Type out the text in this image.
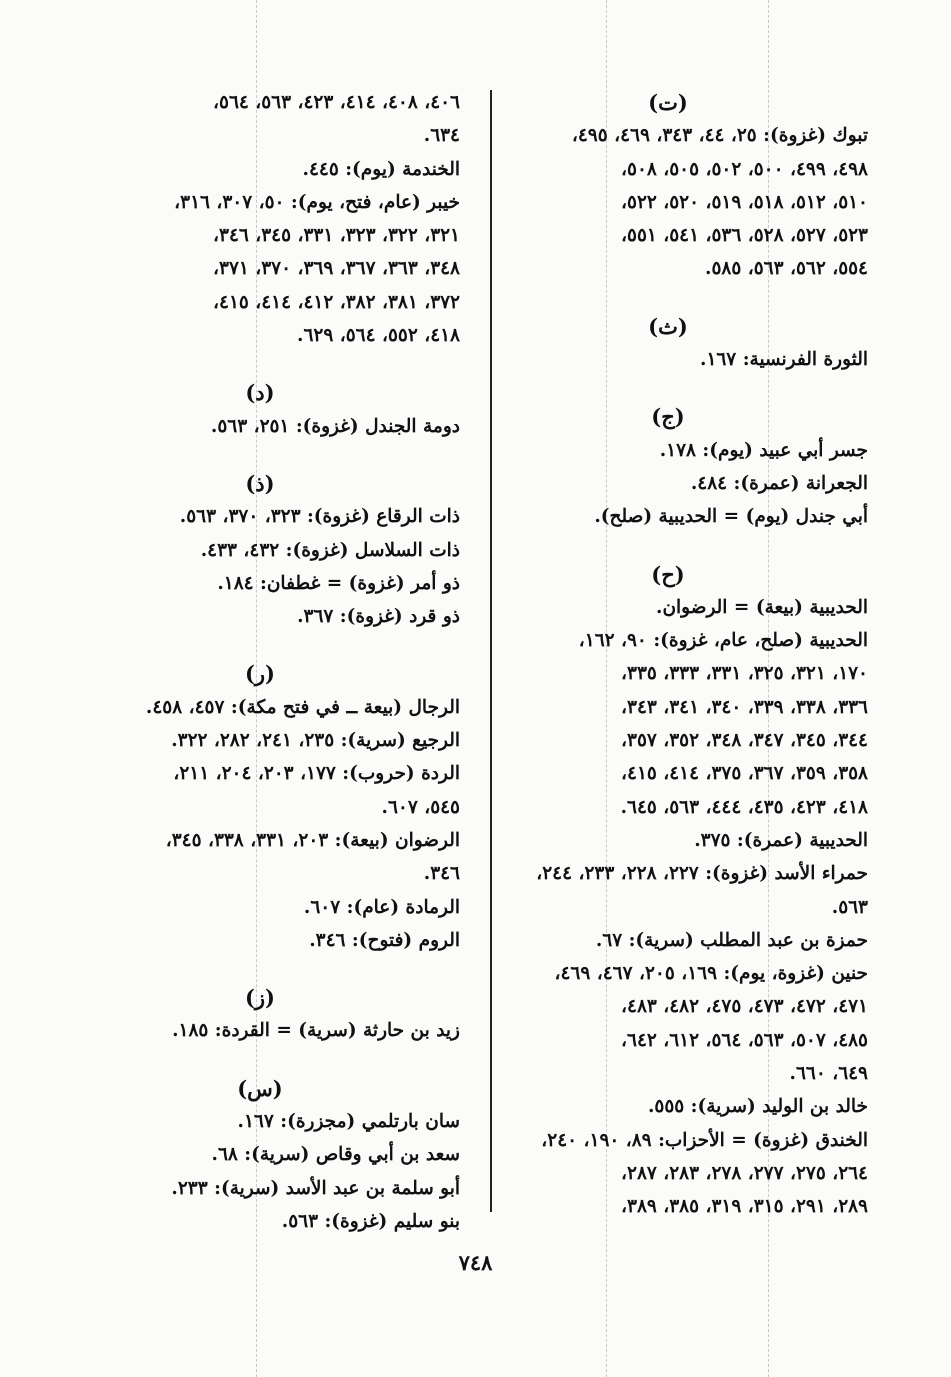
(ت)
تبوك (غزوة): ٢٥، ٤٤، ٣٤٣، ٤٦٩، ٤٩٥،
٤٩٨، ٤٩٩، ٥٠٠، ٥٠٢، ٥٠٥، ٥٠٨،
٥١٠، ٥١٢، ٥١٨، ٥١٩، ٥٢٠، ٥٢٢،
٥٢٣، ٥٢٧، ٥٢٨، ٥٣٦، ٥٤١، ٥٥١،
٥٥٤، ٥٦٢، ٥٦٣، ٥٨٥.
(ث)
الثورة الفرنسية: ١٦٧.
(ج)
جسر أبي عبيد (يوم): ١٧٨.
الجعرانة (عمرة): ٤٨٤.
أبي جندل (يوم) = الحديبية (صلح).
(ح)
الحديبية (بيعة) = الرضوان.
الحديبية (صلح، عام، غزوة): ٩٠، ١٦٢،
١٧٠، ٣٢١، ٣٢٥، ٣٣١، ٣٣٣، ٣٣٥،
٣٣٦، ٣٣٨، ٣٣٩، ٣٤٠، ٣٤١، ٣٤٣،
٣٤٤، ٣٤٥، ٣٤٧، ٣٤٨، ٣٥٢، ٣٥٧،
٣٥٨، ٣٥٩، ٣٦٧، ٣٧٥، ٤١٤، ٤١٥،
٤١٨، ٤٢٣، ٤٣٥، ٤٤٤، ٥٦٣، ٦٤٥.
الحديبية (عمرة): ٣٧٥.
حمراء الأسد (غزوة): ٢٢٧، ٢٢٨، ٢٣٣، ٢٤٤،
٥٦٣.
حمزة بن عبد المطلب (سرية): ٦٧.
حنين (غزوة، يوم): ١٦٩، ٢٠٥، ٤٦٧، ٤٦٩،
٤٧١، ٤٧٢، ٤٧٣، ٤٧٥، ٤٨٢، ٤٨٣،
٤٨٥، ٥٠٧، ٥٦٣، ٥٦٤، ٦١٢، ٦٤٢،
٦٤٩، ٦٦٠.
خالد بن الوليد (سرية): ٥٥٥.
الخندق (غزوة) = الأحزاب: ٨٩، ١٩٠، ٢٤٠،
٢٦٤، ٢٧٥، ٢٧٧، ٢٧٨، ٢٨٣، ٢٨٧،
٢٨٩، ٢٩١، ٣١٥، ٣١٩، ٣٨٥، ٣٨٩،
٤٠٦، ٤٠٨، ٤١٤، ٤٢٣، ٥٦٣، ٥٦٤،
٦٣٤.
الخندمة (يوم): ٤٤٥.
خيبر (عام، فتح، يوم): ٥٠، ٣٠٧، ٣١٦،
٣٢١، ٣٢٢، ٣٢٣، ٣٣١، ٣٤٥، ٣٤٦،
٣٤٨، ٣٦٣، ٣٦٧، ٣٦٩، ٣٧٠، ٣٧١،
٣٧٢، ٣٨١، ٣٨٢، ٤١٢، ٤١٤، ٤١٥،
٤١٨، ٥٥٢، ٥٦٤، ٦٢٩.
(د)
دومة الجندل (غزوة): ٢٥١، ٥٦٣.
(ذ)
ذات الرقاع (غزوة): ٣٢٣، ٣٧٠، ٥٦٣.
ذات السلاسل (غزوة): ٤٣٢، ٤٣٣.
ذو أمر (غزوة) = غطفان: ١٨٤.
ذو قرد (غزوة): ٣٦٧.
(ر)
الرجال (بيعة ــ في فتح مكة): ٤٥٧، ٤٥٨.
الرجيع (سرية): ٢٣٥، ٢٤١، ٢٨٢، ٣٢٢.
الردة (حروب): ١٧٧، ٢٠٣، ٢٠٤، ٢١١،
٥٤٥، ٦٠٧.
الرضوان (بيعة): ٢٠٣، ٣٣١، ٣٣٨، ٣٤٥،
٣٤٦.
الرمادة (عام): ٦٠٧.
الروم (فتوح): ٣٤٦.
(ز)
زيد بن حارثة (سرية) = القردة: ١٨٥.
(س)
سان بارتلمي (مجزرة): ١٦٧.
سعد بن أبي وقاص (سرية): ٦٨.
أبو سلمة بن عبد الأسد (سرية): ٢٣٣.
بنو سليم (غزوة): ٥٦٣.
٧٤٨
